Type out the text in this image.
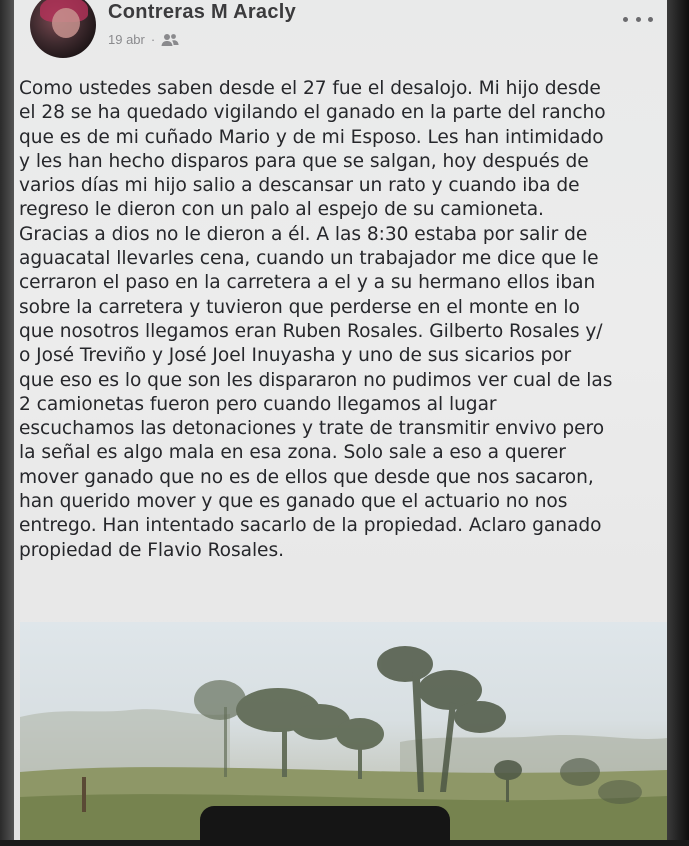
Contreras M Aracly
19 abr ·
Como ustedes saben desde el 27 fue el desalojo. Mi hijo desde
el 28 se ha quedado vigilando el ganado en la parte del rancho
que es de mi cuñado Mario y de mi Esposo. Les han intimidado
y les han hecho disparos para que se salgan, hoy después de
varios días mi hijo salio a descansar un rato y cuando iba de
regreso le dieron con un palo al espejo de su camioneta.
Gracias a dios no le dieron a él. A las 8:30 estaba por salir de
aguacatal llevarles cena, cuando un trabajador me dice que le
cerraron el paso en la carretera a el y a su hermano ellos iban
sobre la carretera y tuvieron que perderse en el monte en lo
que nosotros llegamos eran Ruben Rosales. Gilberto Rosales y/
o José Treviño y José Joel Inuyasha y uno de sus sicarios por
que eso es lo que son les dispararon no pudimos ver cual de las
2 camionetas fueron pero cuando llegamos al lugar
escuchamos las detonaciones y trate de transmitir envivo pero
la señal es algo mala en esa zona. Solo sale a eso a querer
mover ganado que no es de ellos que desde que nos sacaron,
han querido mover y que es ganado que el actuario no nos
entrego. Han intentado sacarlo de la propiedad. Aclaro ganado
propiedad de Flavio Rosales.
